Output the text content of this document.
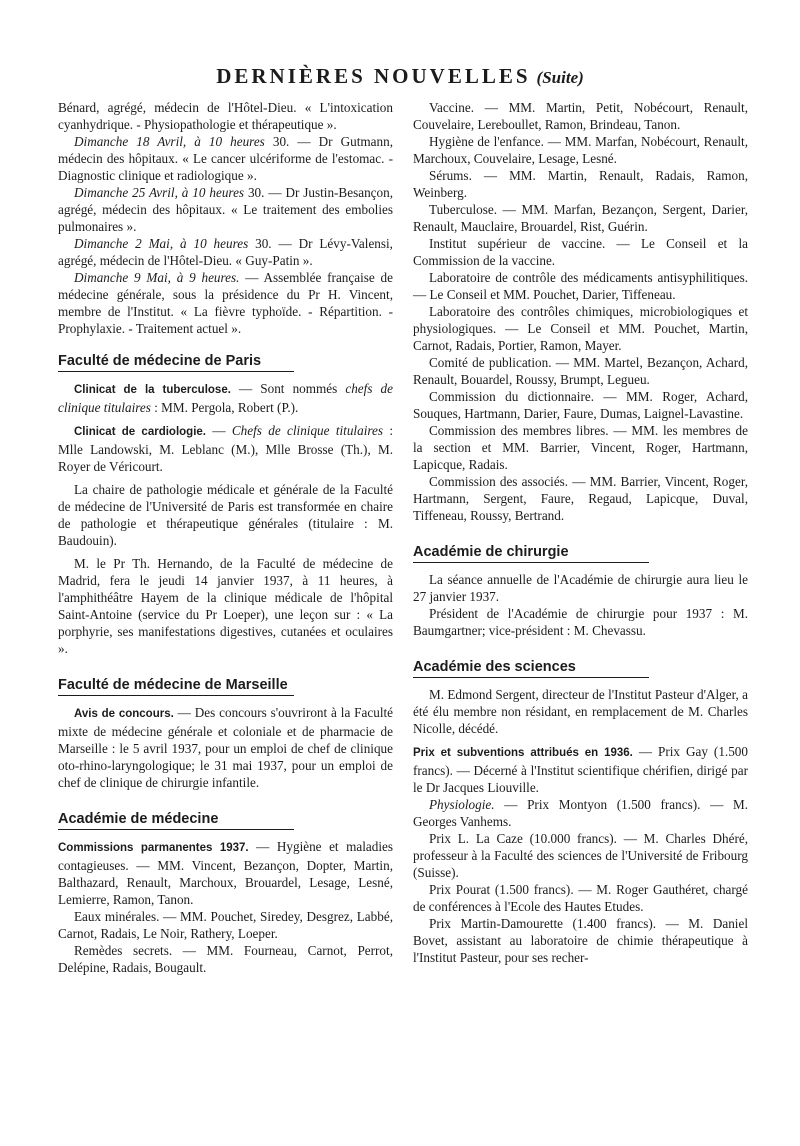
DERNIÈRES NOUVELLES (Suite)

Bénard, agrégé, médecin de l'Hôtel-Dieu. « L'intoxication cyanhydrique. - Physiopathologie et thérapeutique ».

Dimanche 18 Avril, à 10 heures 30. — Dr Gutmann, médecin des hôpitaux. « Le cancer ulcériforme de l'estomac. - Diagnostic clinique et radiologique ».

Dimanche 25 Avril, à 10 heures 30. — Dr Justin-Besançon, agrégé, médecin des hôpitaux. « Le traitement des embolies pulmonaires ».

Dimanche 2 Mai, à 10 heures 30. — Dr Lévy-Valensi, agrégé, médecin de l'Hôtel-Dieu. « Guy-Patin ».

Dimanche 9 Mai, à 9 heures. — Assemblée française de médecine générale, sous la présidence du Pr H. Vincent, membre de l'Institut. « La fièvre typhoïde. - Répartition. - Prophylaxie. - Traitement actuel ».

Faculté de médecine de Paris

Clinicat de la tuberculose. — Sont nommés chefs de clinique titulaires : MM. Pergola, Robert (P.).

Clinicat de cardiologie. — Chefs de clinique titulaires : Mlle Landowski, M. Leblanc (M.), Mlle Brosse (Th.), M. Royer de Véricourt.

La chaire de pathologie médicale et générale de la Faculté de médecine de l'Université de Paris est transformée en chaire de pathologie et thérapeutique générales (titulaire : M. Baudouin).

M. le Pr Th. Hernando, de la Faculté de médecine de Madrid, fera le jeudi 14 janvier 1937, à 11 heures, à l'amphithéâtre Hayem de la clinique médicale de l'hôpital Saint-Antoine (service du Pr Loeper), une leçon sur : « La porphyrie, ses manifestations digestives, cutanées et oculaires ».

Faculté de médecine de Marseille

Avis de concours. — Des concours s'ouvriront à la Faculté mixte de médecine générale et coloniale et de pharmacie de Marseille : le 5 avril 1937, pour un emploi de chef de clinique oto-rhino-laryngologique; le 31 mai 1937, pour un emploi de chef de clinique de chirurgie infantile.

Académie de médecine

Commissions parmanentes 1937. — Hygiène et maladies contagieuses. — MM. Vincent, Bezançon, Dopter, Martin, Balthazard, Renault, Marchoux, Brouardel, Lesage, Lesné, Lemierre, Ramon, Tanon.

Eaux minérales. — MM. Pouchet, Siredey, Desgrez, Labbé, Carnot, Radais, Le Noir, Rathery, Loeper.

Remèdes secrets. — MM. Fourneau, Carnot, Perrot, Delépine, Radais, Bougault.

Vaccine. — MM. Martin, Petit, Nobécourt, Renault, Couvelaire, Lereboullet, Ramon, Brindeau, Tanon.

Hygiène de l'enfance. — MM. Marfan, Nobécourt, Renault, Marchoux, Couvelaire, Lesage, Lesné.

Sérums. — MM. Martin, Renault, Radais, Ramon, Weinberg.

Tuberculose. — MM. Marfan, Bezançon, Sergent, Darier, Renault, Mauclaire, Brouardel, Rist, Guérin.

Institut supérieur de vaccine. — Le Conseil et la Commission de la vaccine.

Laboratoire de contrôle des médicaments antisyphilitiques. — Le Conseil et MM. Pouchet, Darier, Tiffeneau.

Laboratoire des contrôles chimiques, microbiologiques et physiologiques. — Le Conseil et MM. Pouchet, Martin, Carnot, Radais, Portier, Ramon, Mayer.

Comité de publication. — MM. Martel, Bezançon, Achard, Renault, Bouardel, Roussy, Brumpt, Legueu.

Commission du dictionnaire. — MM. Roger, Achard, Souques, Hartmann, Darier, Faure, Dumas, Laignel-Lavastine.

Commission des membres libres. — MM. les membres de la section et MM. Barrier, Vincent, Roger, Hartmann, Lapicque, Radais.

Commission des associés. — MM. Barrier, Vincent, Roger, Hartmann, Sergent, Faure, Regaud, Lapicque, Duval, Tiffeneau, Roussy, Bertrand.

Académie de chirurgie

La séance annuelle de l'Académie de chirurgie aura lieu le 27 janvier 1937.

Président de l'Académie de chirurgie pour 1937 : M. Baumgartner; vice-président : M. Chevassu.

Académie des sciences

M. Edmond Sergent, directeur de l'Institut Pasteur d'Alger, a été élu membre non résidant, en remplacement de M. Charles Nicolle, décédé.

Prix et subventions attribués en 1936. — Prix Gay (1.500 francs). — Décerné à l'Institut scientifique chérifien, dirigé par le Dr Jacques Liouville.

Physiologie. — Prix Montyon (1.500 francs). — M. Georges Vanhems.

Prix L. La Caze (10.000 francs). — M. Charles Dhéré, professeur à la Faculté des sciences de l'Université de Fribourg (Suisse).

Prix Pourat (1.500 francs). — M. Roger Gauthéret, chargé de conférences à l'Ecole des Hautes Etudes.

Prix Martin-Damourette (1.400 francs). — M. Daniel Bovet, assistant au laboratoire de chimie thérapeutique à l'Institut Pasteur, pour ses recher-
